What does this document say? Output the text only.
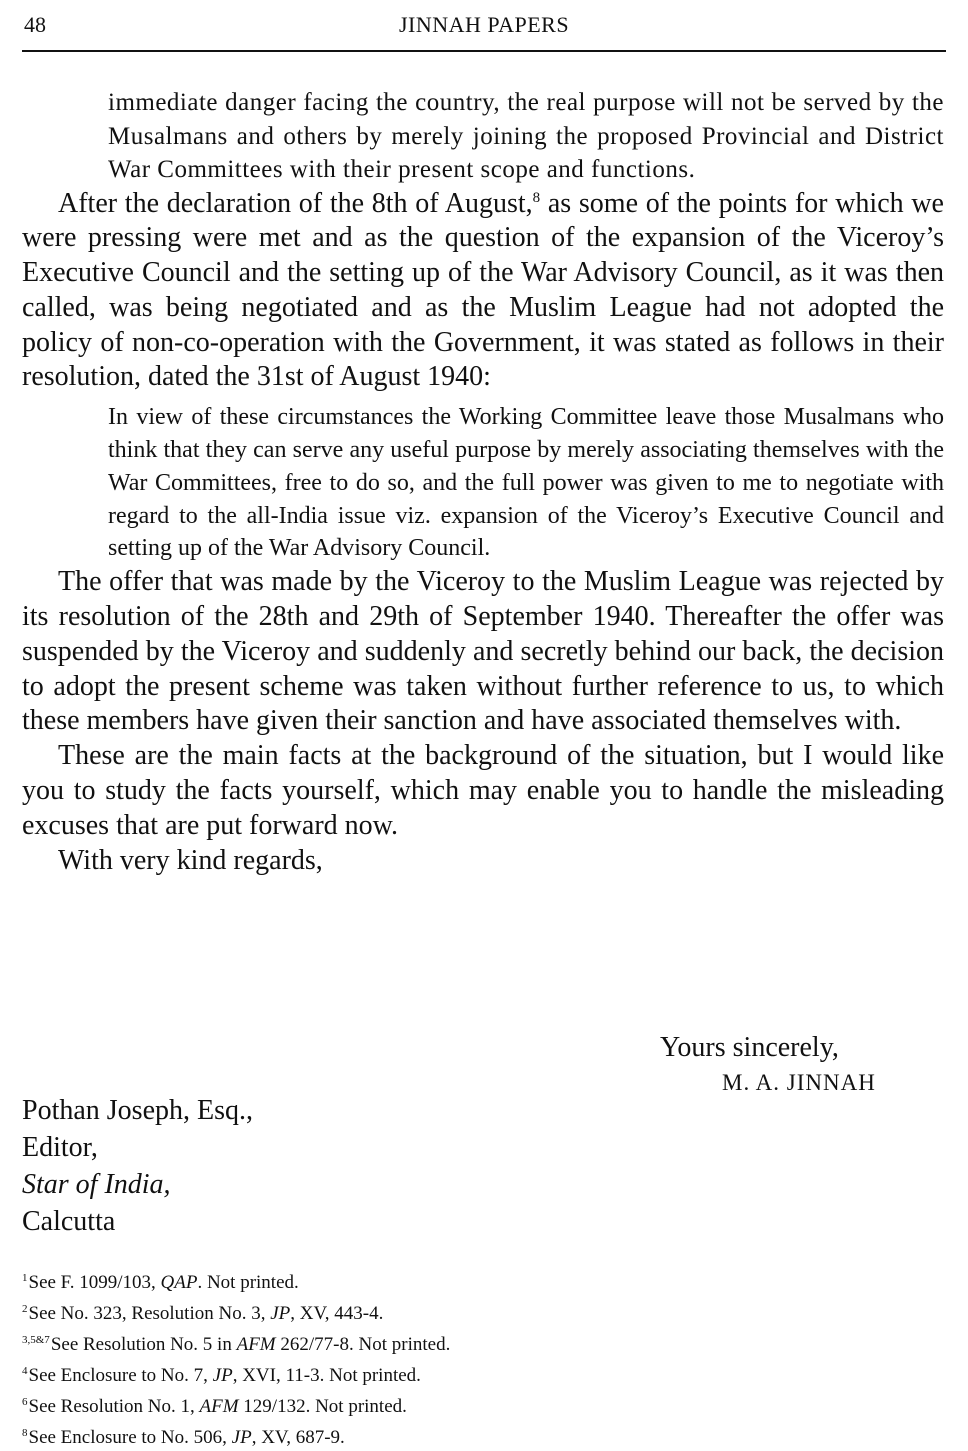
48	JINNAH PAPERS

immediate danger facing the country, the real purpose will not be served by the Musalmans and others by merely joining the proposed Provincial and District War Committees with their present scope and functions.

After the declaration of the 8th of August,$^8$ as some of the points for which we were pressing were met and as the question of the expansion of the Viceroy’s Executive Council and the setting up of the War Advisory Council, as it was then called, was being negotiated and as the Muslim League had not adopted the policy of non-co-operation with the Government, it was stated as follows in their resolution, dated the 31st of August 1940:

In view of these circumstances the Working Committee leave those Musalmans who think that they can serve any useful purpose by merely associating themselves with the War Committees, free to do so, and the full power was given to me to negotiate with regard to the all-India issue viz. expansion of the Viceroy’s Executive Council and setting up of the War Advisory Council.

The offer that was made by the Viceroy to the Muslim League was rejected by its resolution of the 28th and 29th of September 1940. Thereafter the offer was suspended by the Viceroy and suddenly and secretly behind our back, the decision to adopt the present scheme was taken without further reference to us, to which these members have given their sanction and have associated themselves with.

These are the main facts at the background of the situation, but I would like you to study the facts yourself, which may enable you to handle the misleading excuses that are put forward now.

With very kind regards,

Yours sincerely,
M. A. JINNAH
Pothan Joseph, Esq.,
Editor,
Star of India,
Calcutta
$^1$See F. 1099/103, QAP. Not printed.
$^2$See No. 323, Resolution No. 3, JP, XV, 443-4.
$^{3,5\&7}$See Resolution No. 5 in AFM 262/77-8. Not printed.
$^4$See Enclosure to No. 7, JP, XVI, 11-3. Not printed.
$^6$See Resolution No. 1, AFM 129/132. Not printed.
$^8$See Enclosure to No. 506, JP, XV, 687-9.
